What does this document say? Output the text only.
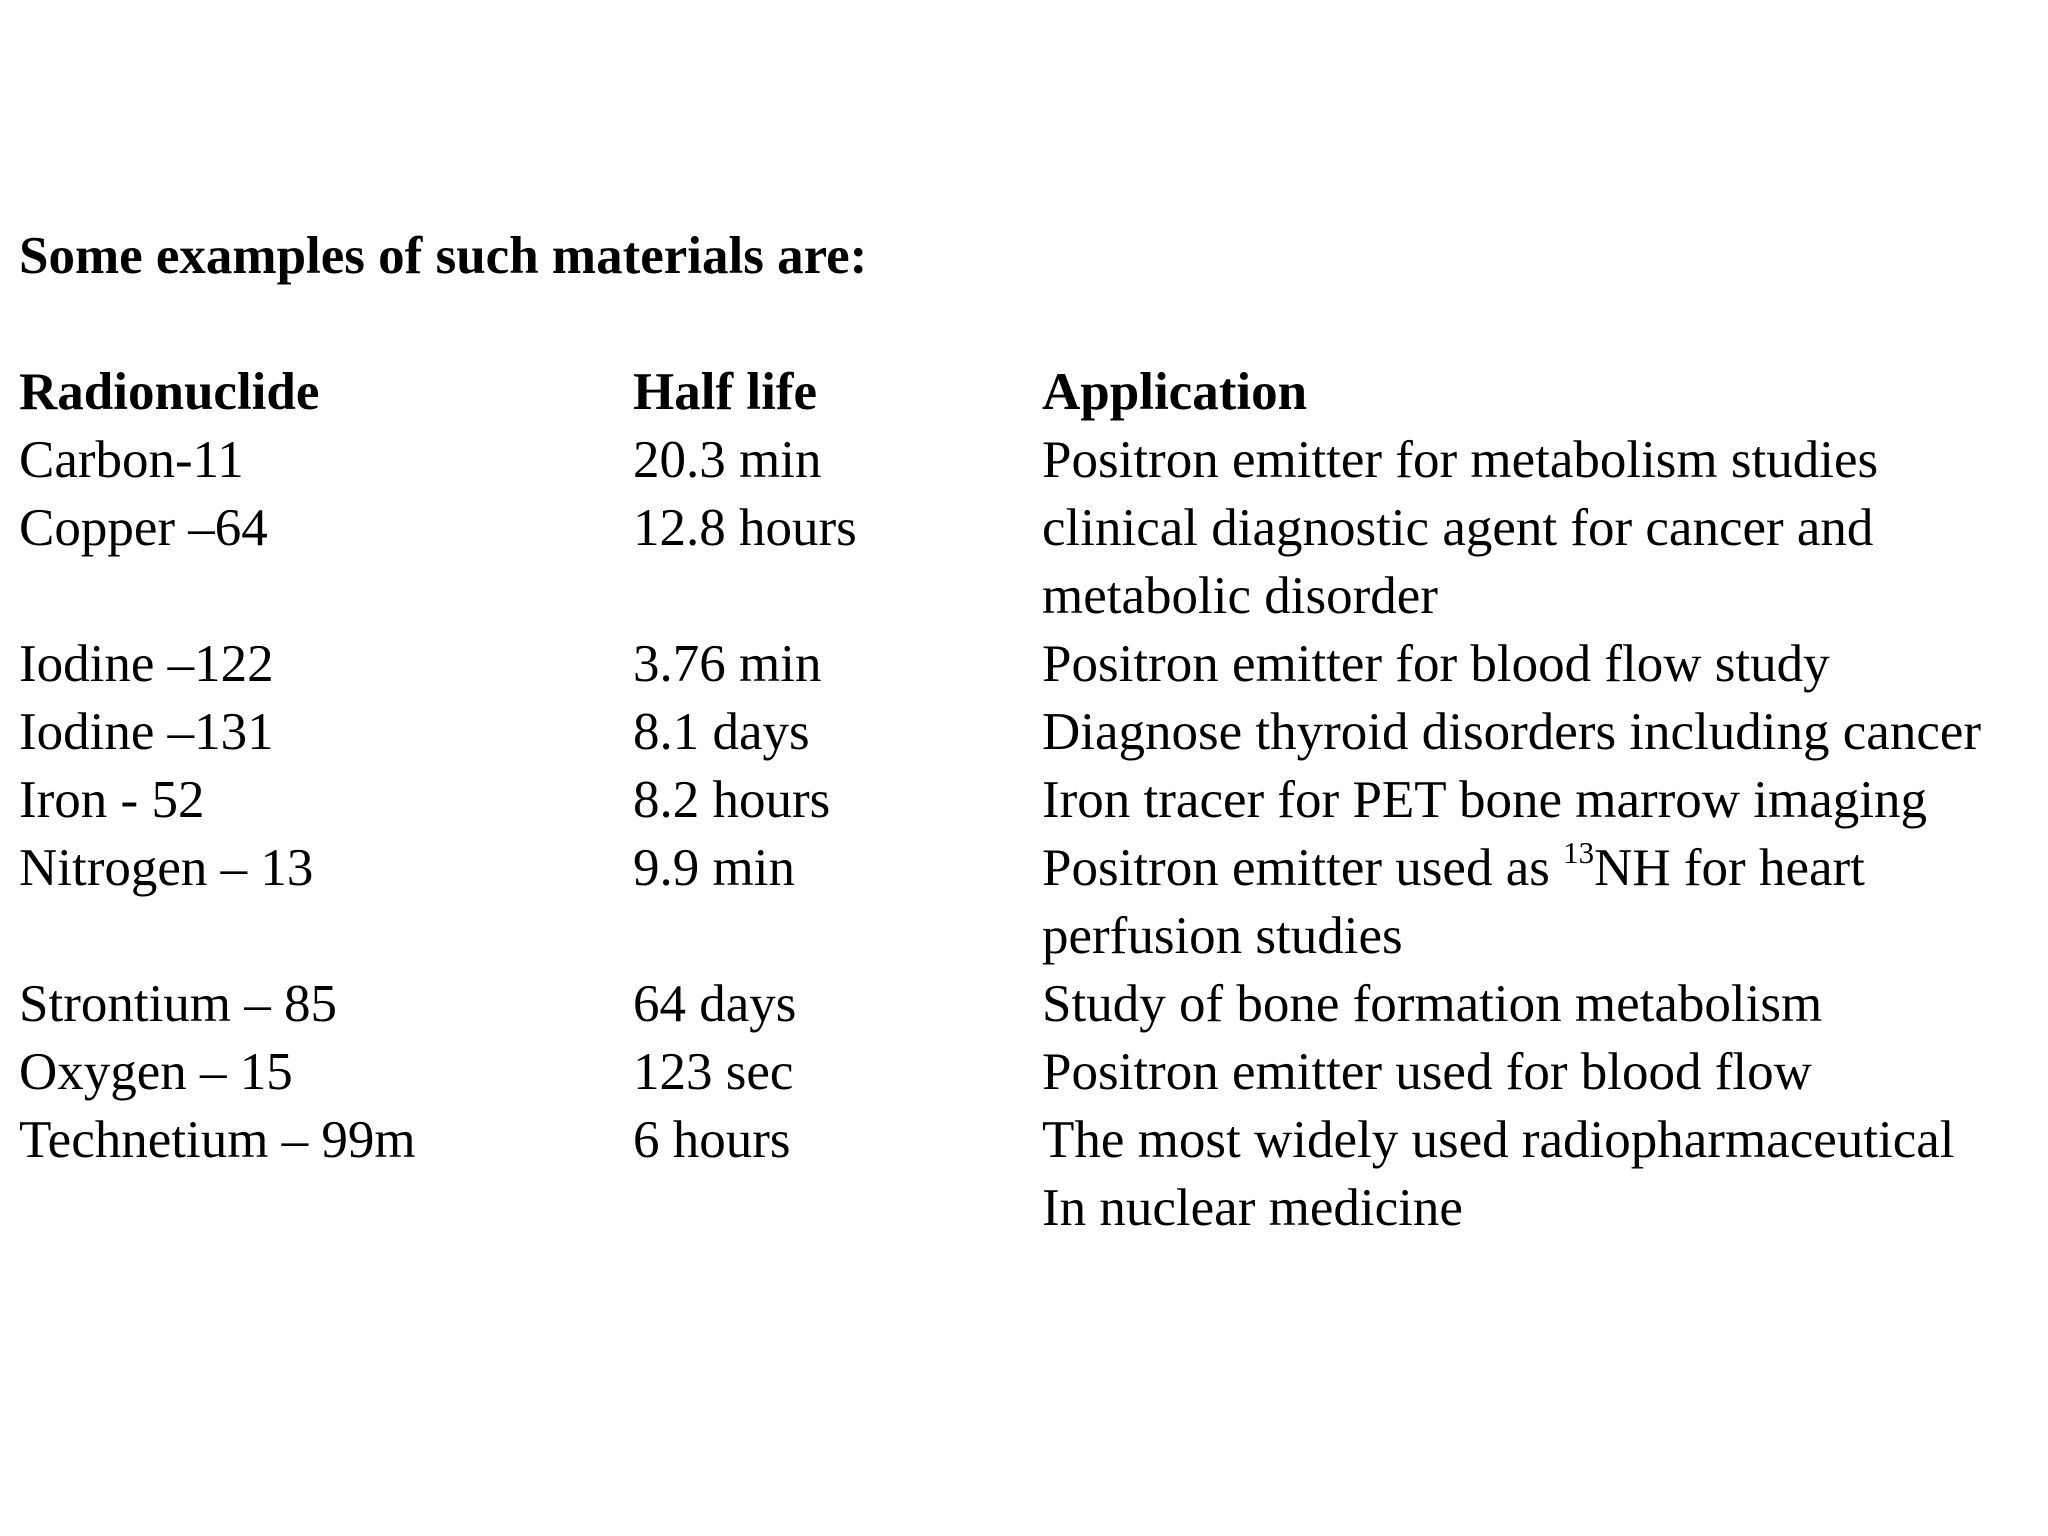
Some examples of such materials are:
Radionuclide	Half life	Application
Carbon-11	20.3 min	Positron emitter for metabolism studies
Copper –64	12.8 hours	clinical diagnostic agent for cancer and
metabolic disorder
Iodine –122	3.76 min	Positron emitter for blood flow study
Iodine –131	8.1 days	Diagnose thyroid disorders including cancer
Iron - 52	8.2 hours	Iron tracer for PET bone marrow imaging
Nitrogen – 13	9.9 min	Positron emitter used as $^{13}$NH for heart
perfusion studies
Strontium – 85	64 days	Study of bone formation metabolism
Oxygen – 15	123 sec	Positron emitter used for blood flow
Technetium – 99m	6 hours	The most widely used radiopharmaceutical
In nuclear medicine
